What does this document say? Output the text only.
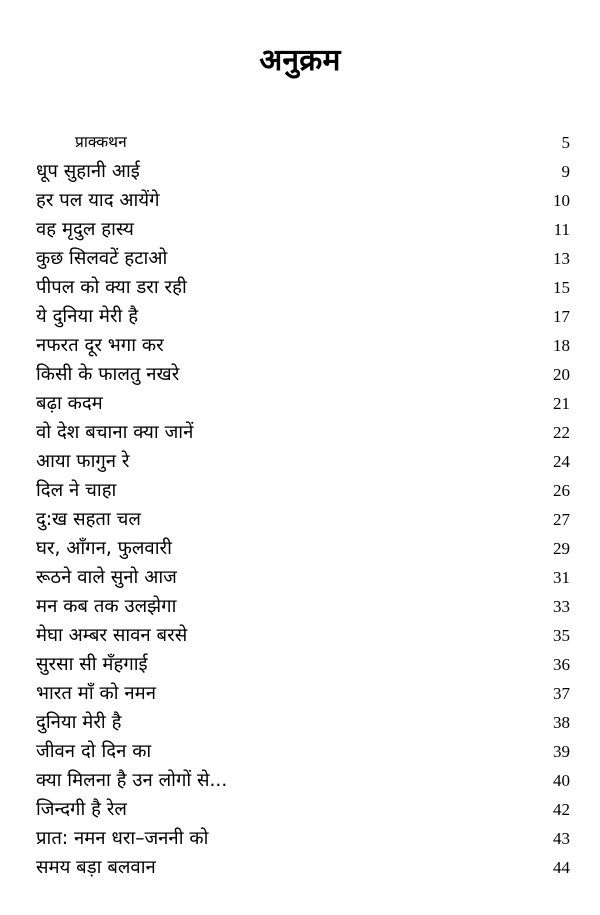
अनुक्रम
प्राक्कथन	5
धूप सुहानी आई	9
हर पल याद आयेंगे	10
वह मृदुल हास्य	11
कुछ सिलवटें हटाओ	13
पीपल को क्या डरा रही	15
ये दुनिया मेरी है	17
नफरत दूर भगा कर	18
किसी के फालतु नखरे	20
बढ़ा कदम	21
वो देश बचाना क्या जानें	22
आया फागुन रे	24
दिल ने चाहा	26
दु:ख सहता चल	27
घर, आँगन, फुलवारी	29
रूठने वाले सुनो आज	31
मन कब तक उलझेगा	33
मेघा अम्बर सावन बरसे	35
सुरसा सी मँहगाई	36
भारत माँ को नमन	37
दुनिया मेरी है	38
जीवन दो दिन का	39
क्या मिलना है उन लोगों से...	40
जिन्दगी है रेल	42
प्रात: नमन धरा–जननी को	43
समय बड़ा बलवान	44
